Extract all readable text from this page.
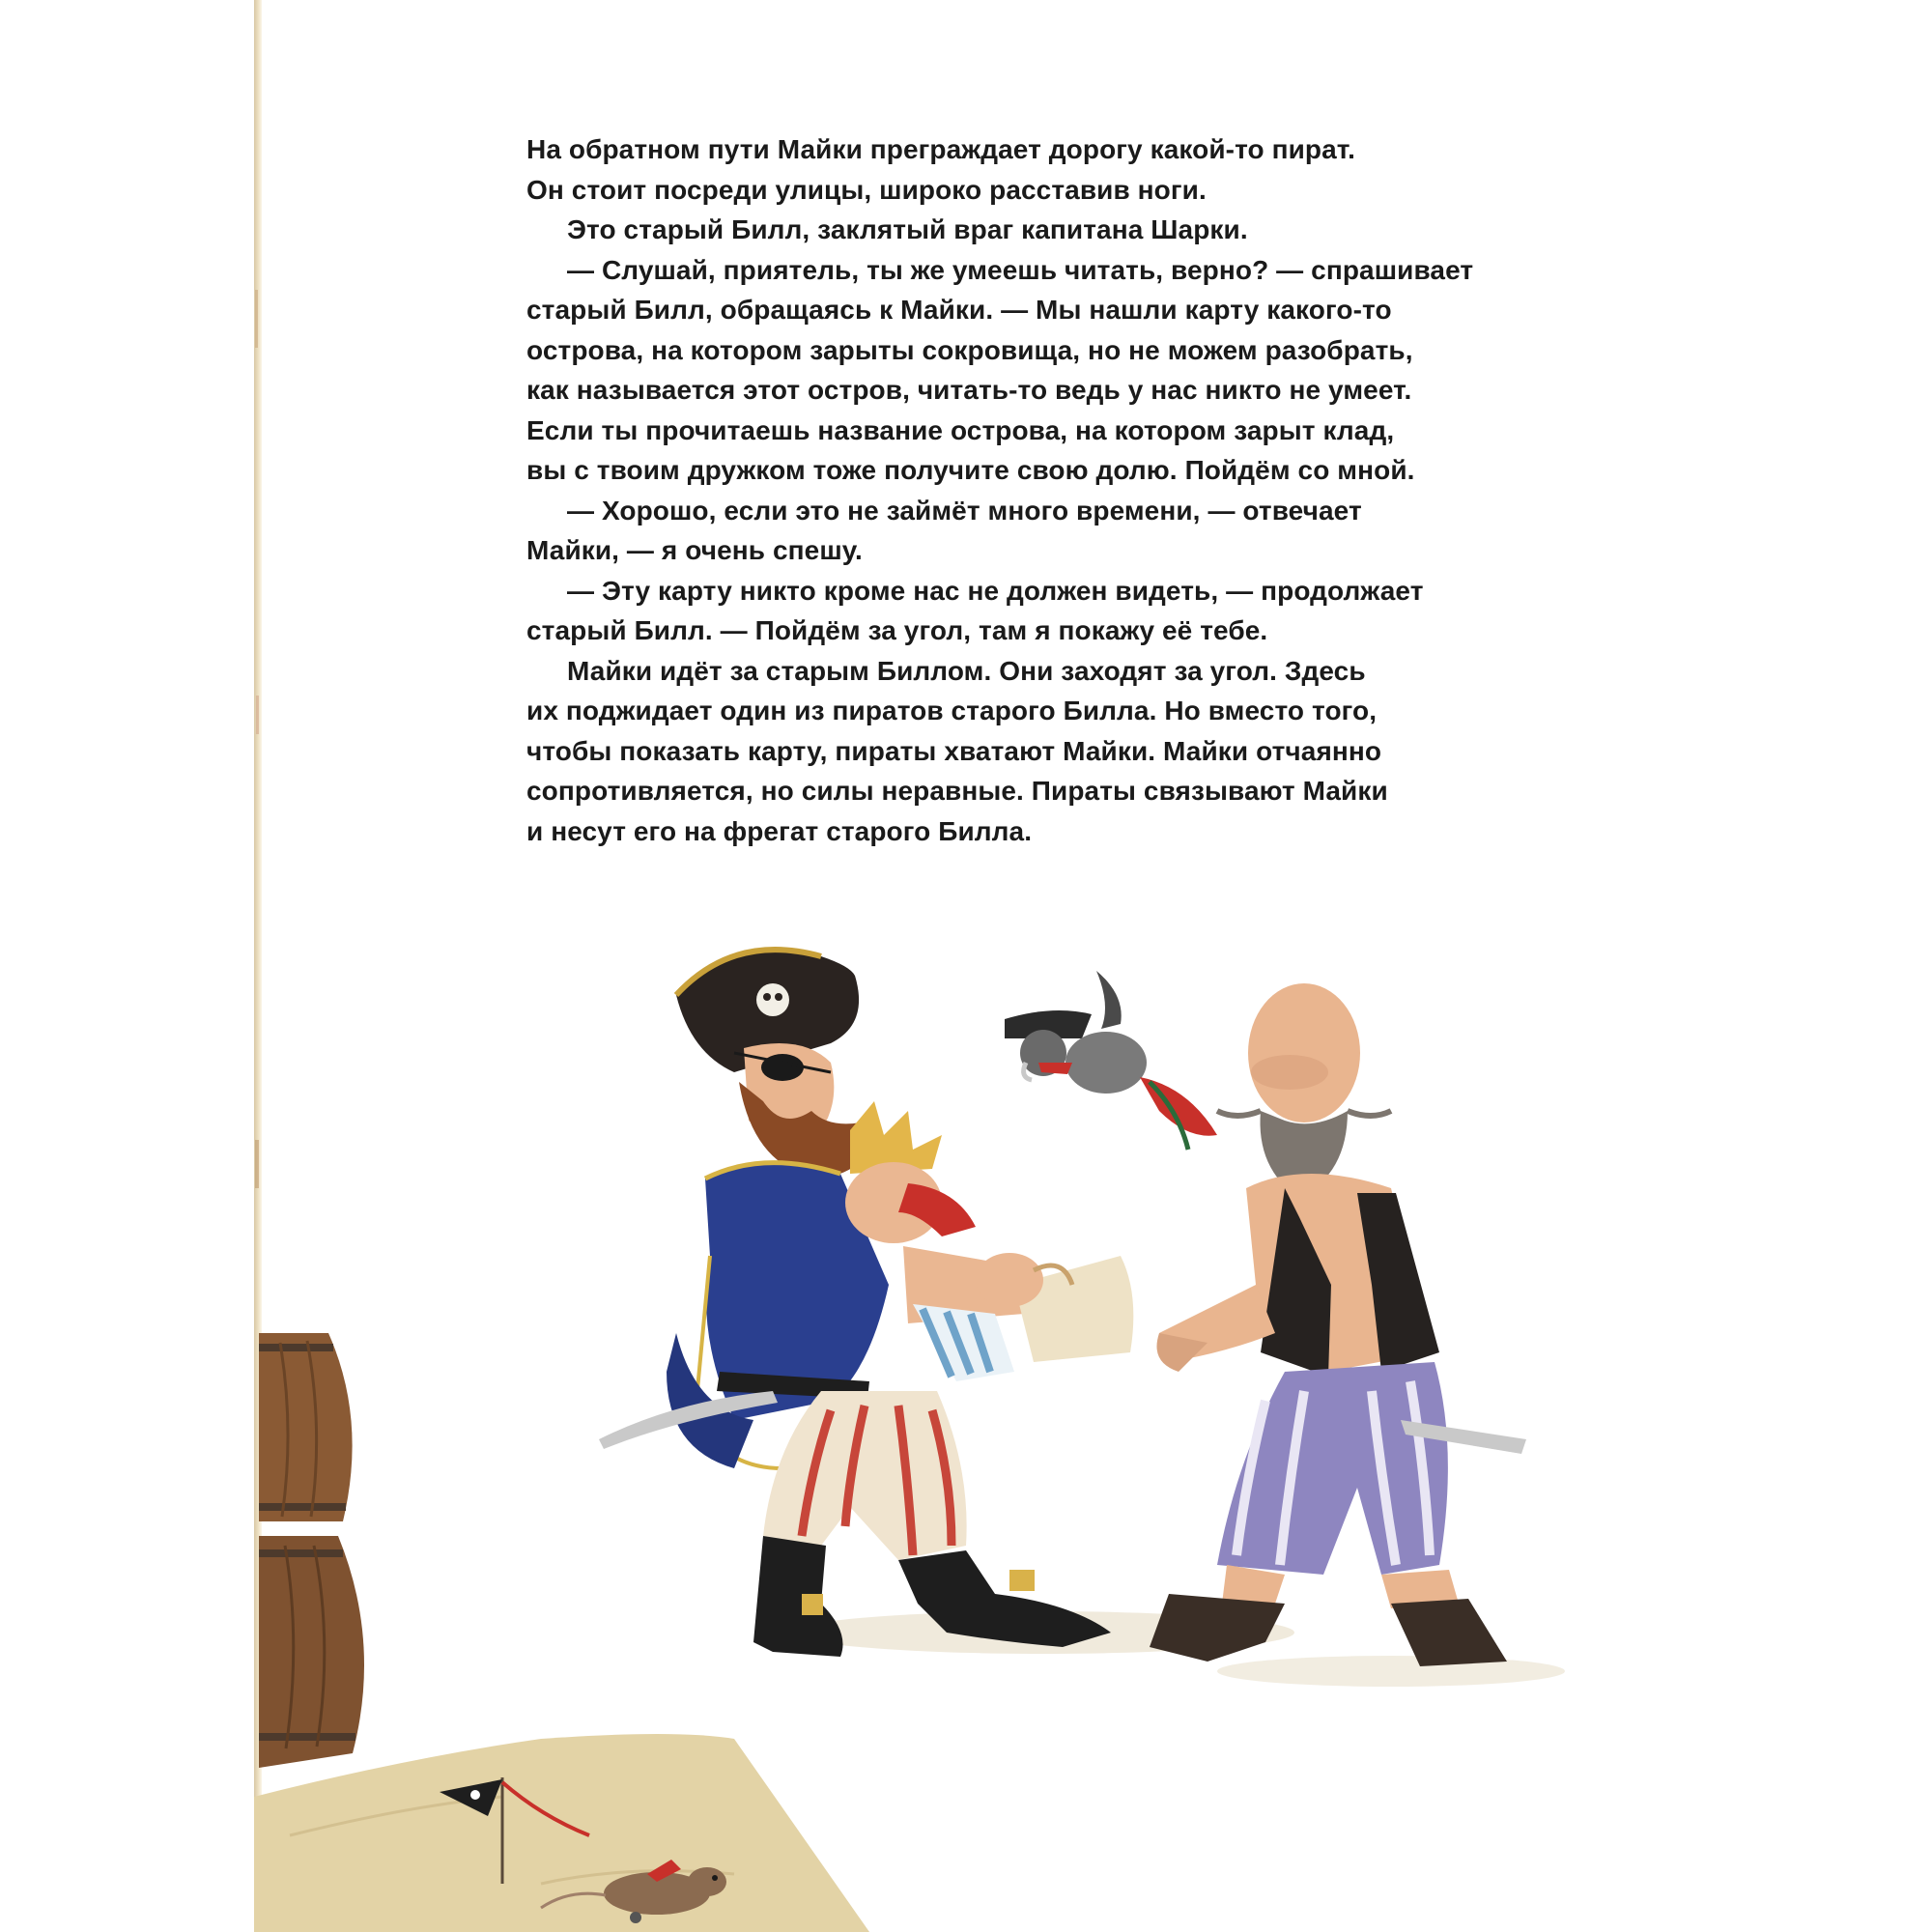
На обратном пути Майки преграждает дорогу какой-то пират.

Он стоит посреди улицы, широко расставив ноги.

Это старый Билл, заклятый враг капитана Шарки.

— Слушай, приятель, ты же умеешь читать, верно? — спрашивает

старый Билл, обращаясь к Майки. — Мы нашли карту какого-то

острова, на котором зарыты сокровища, но не можем разобрать,

как называется этот остров, читать-то ведь у нас никто не умеет.

Если ты прочитаешь название острова, на котором зарыт клад,

вы с твоим дружком тоже получите свою долю. Пойдём со мной.

— Хорошо, если это не займёт много времени, — отвечает

Майки, — я очень спешу.

— Эту карту никто кроме нас не должен видеть, — продолжает

старый Билл. — Пойдём за угол, там я покажу её тебе.

Майки идёт за старым Биллом. Они заходят за угол. Здесь

их поджидает один из пиратов старого Билла. Но вместо того,

чтобы показать карту, пираты хватают Майки. Майки отчаянно

сопротивляется, но силы неравные. Пираты связывают Майки

и несут его на фрегат старого Билла.
